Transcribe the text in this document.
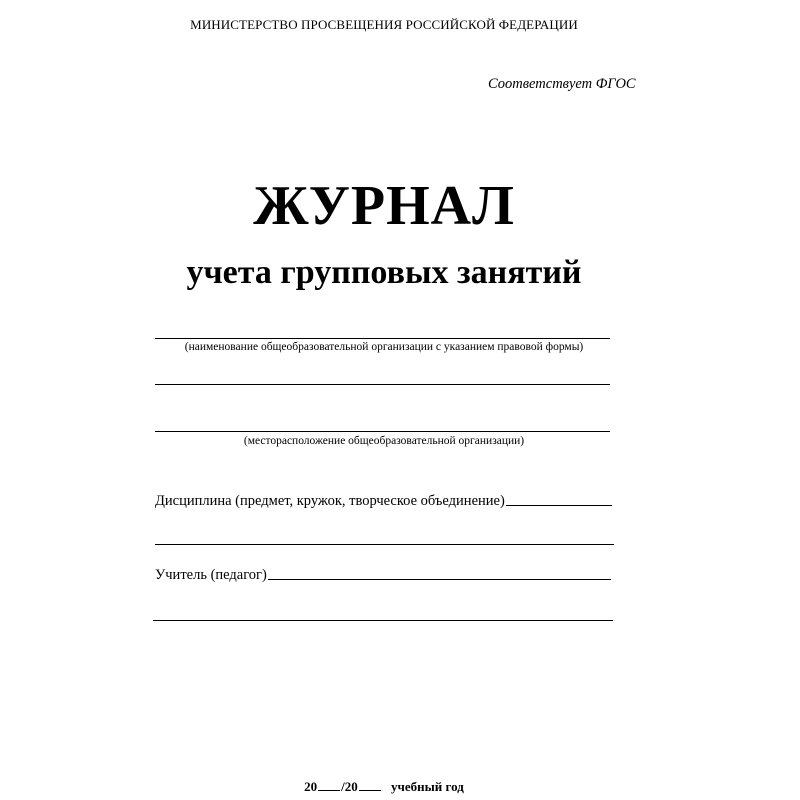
МИНИСТЕРСТВО ПРОСВЕЩЕНИЯ РОССИЙСКОЙ ФЕДЕРАЦИИ
Соответствует ФГОС
ЖУРНАЛ
учета групповых занятий
(наименование общеобразовательной организации с указанием правовой формы)
(месторасположение общеобразовательной организации)
Дисциплина (предмет, кружок, творческое объединение)
Учитель (педагог)
20 /20	учебный год
